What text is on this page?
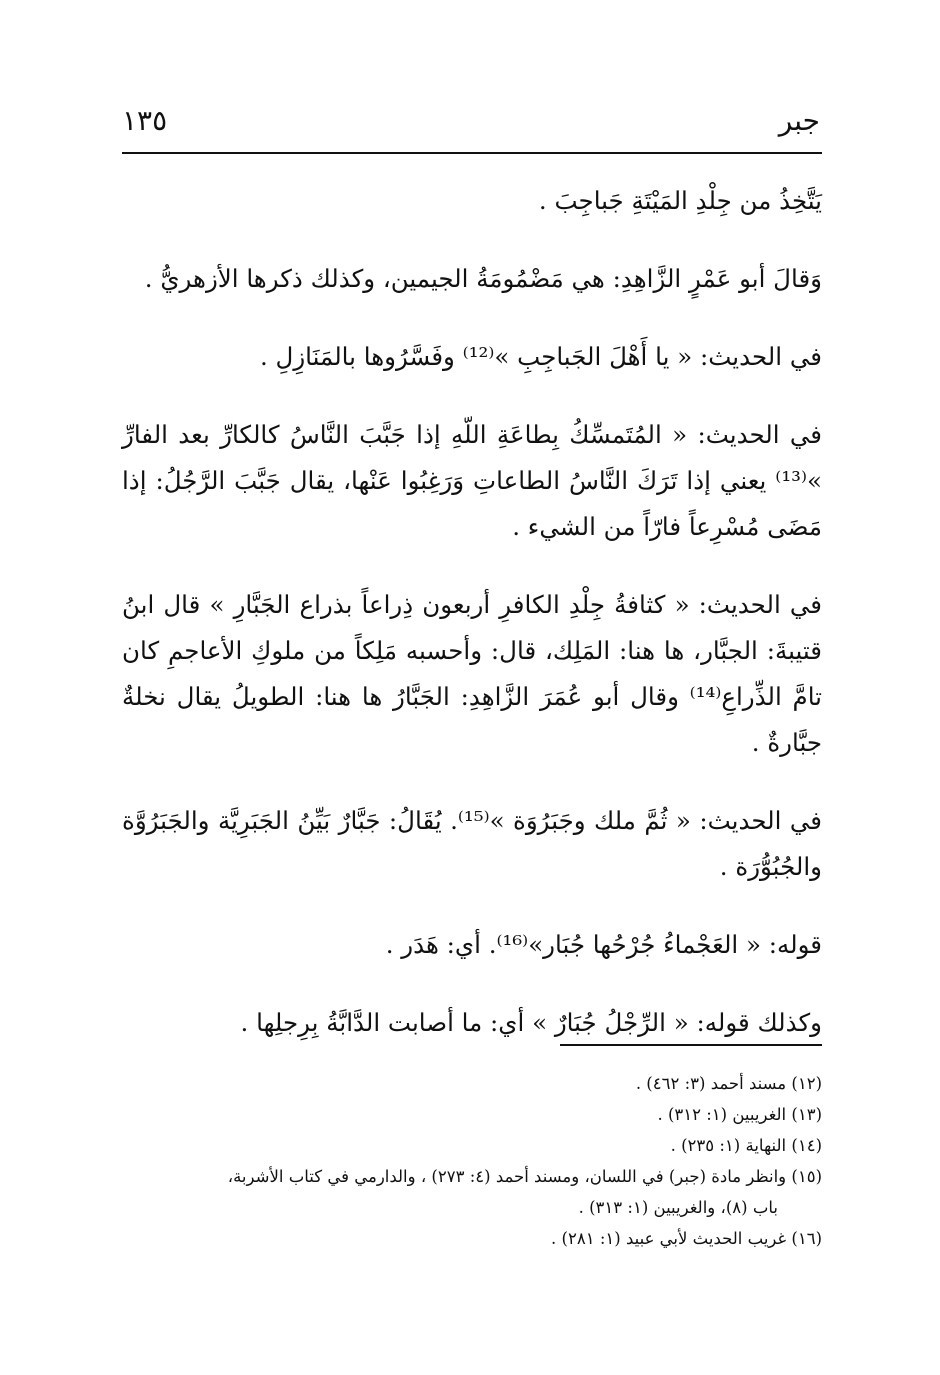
١٣٥	جبر

يَتَّخِذُ من جِلْدِ المَيْتَةِ جَباجِبَ .

وَقالَ أبو عَمْرٍ الزَّاهِدِ: هي مَضْمُومَةُ الجيمين، وكذلك ذكرها الأزهريُّ .

في الحديث: « يا أَهْلَ الجَباجِبِ »⁽¹²⁾ وفَسَّرُوها بالمَنَازِلِ .

في الحديث: « المُتَمسِّكُ بِطاعَةِ اللّهِ إذا جَبَّبَ النَّاسُ كالكارِّ بعد الفارِّ »⁽¹³⁾ يعني إذا تَرَكَ النَّاسُ الطاعاتِ وَرَغِبُوا عَنْها، يقال جَبَّبَ الرَّجُلُ: إذا مَضَى مُسْرِعاً فارّاً من الشيء .

في الحديث: « كثافةُ جِلْدِ الكافرِ أربعون ذِراعاً بذراع الجَبَّارِ » قال ابنُ قتيبةَ: الجبَّار، ها هنا: المَلِك، قال: وأحسبه مَلِكاً من ملوكِ الأعاجمِ كان تامَّ الذِّراعِ⁽¹⁴⁾ وقال أبو عُمَرَ الزَّاهِدِ: الجَبَّارُ ها هنا: الطويلُ يقال نخلةٌ جبَّارةٌ .

في الحديث: « ثُمَّ ملك وجَبَرُوَة »⁽¹⁵⁾. يُقَالُ: جَبَّارٌ بَيِّنُ الجَبَرِيَّة والجَبَرُوَّة والجُبُوُّرَة .

قوله: « العَجْماءُ جُرْحُها جُبَار»⁽¹⁶⁾. أي: هَدَر .

وكذلك قوله: « الرِّجْلُ جُبَارٌ » أي: ما أصابت الدَّابَّةُ بِرِجلِها .

(١٢) مسند أحمد (٣: ٤٦٢) .

(١٣) الغريبين (١: ٣١٢) .

(١٤) النهاية (١: ٢٣٥) .

(١٥) وانظر مادة (جبر) في اللسان، ومسند أحمد (٤: ٢٧٣) ، والدارمي في كتاب الأشربة،

باب (٨)، والغريبين (١: ٣١٣) .

(١٦) غريب الحديث لأبي عبيد (١: ٢٨١) .
